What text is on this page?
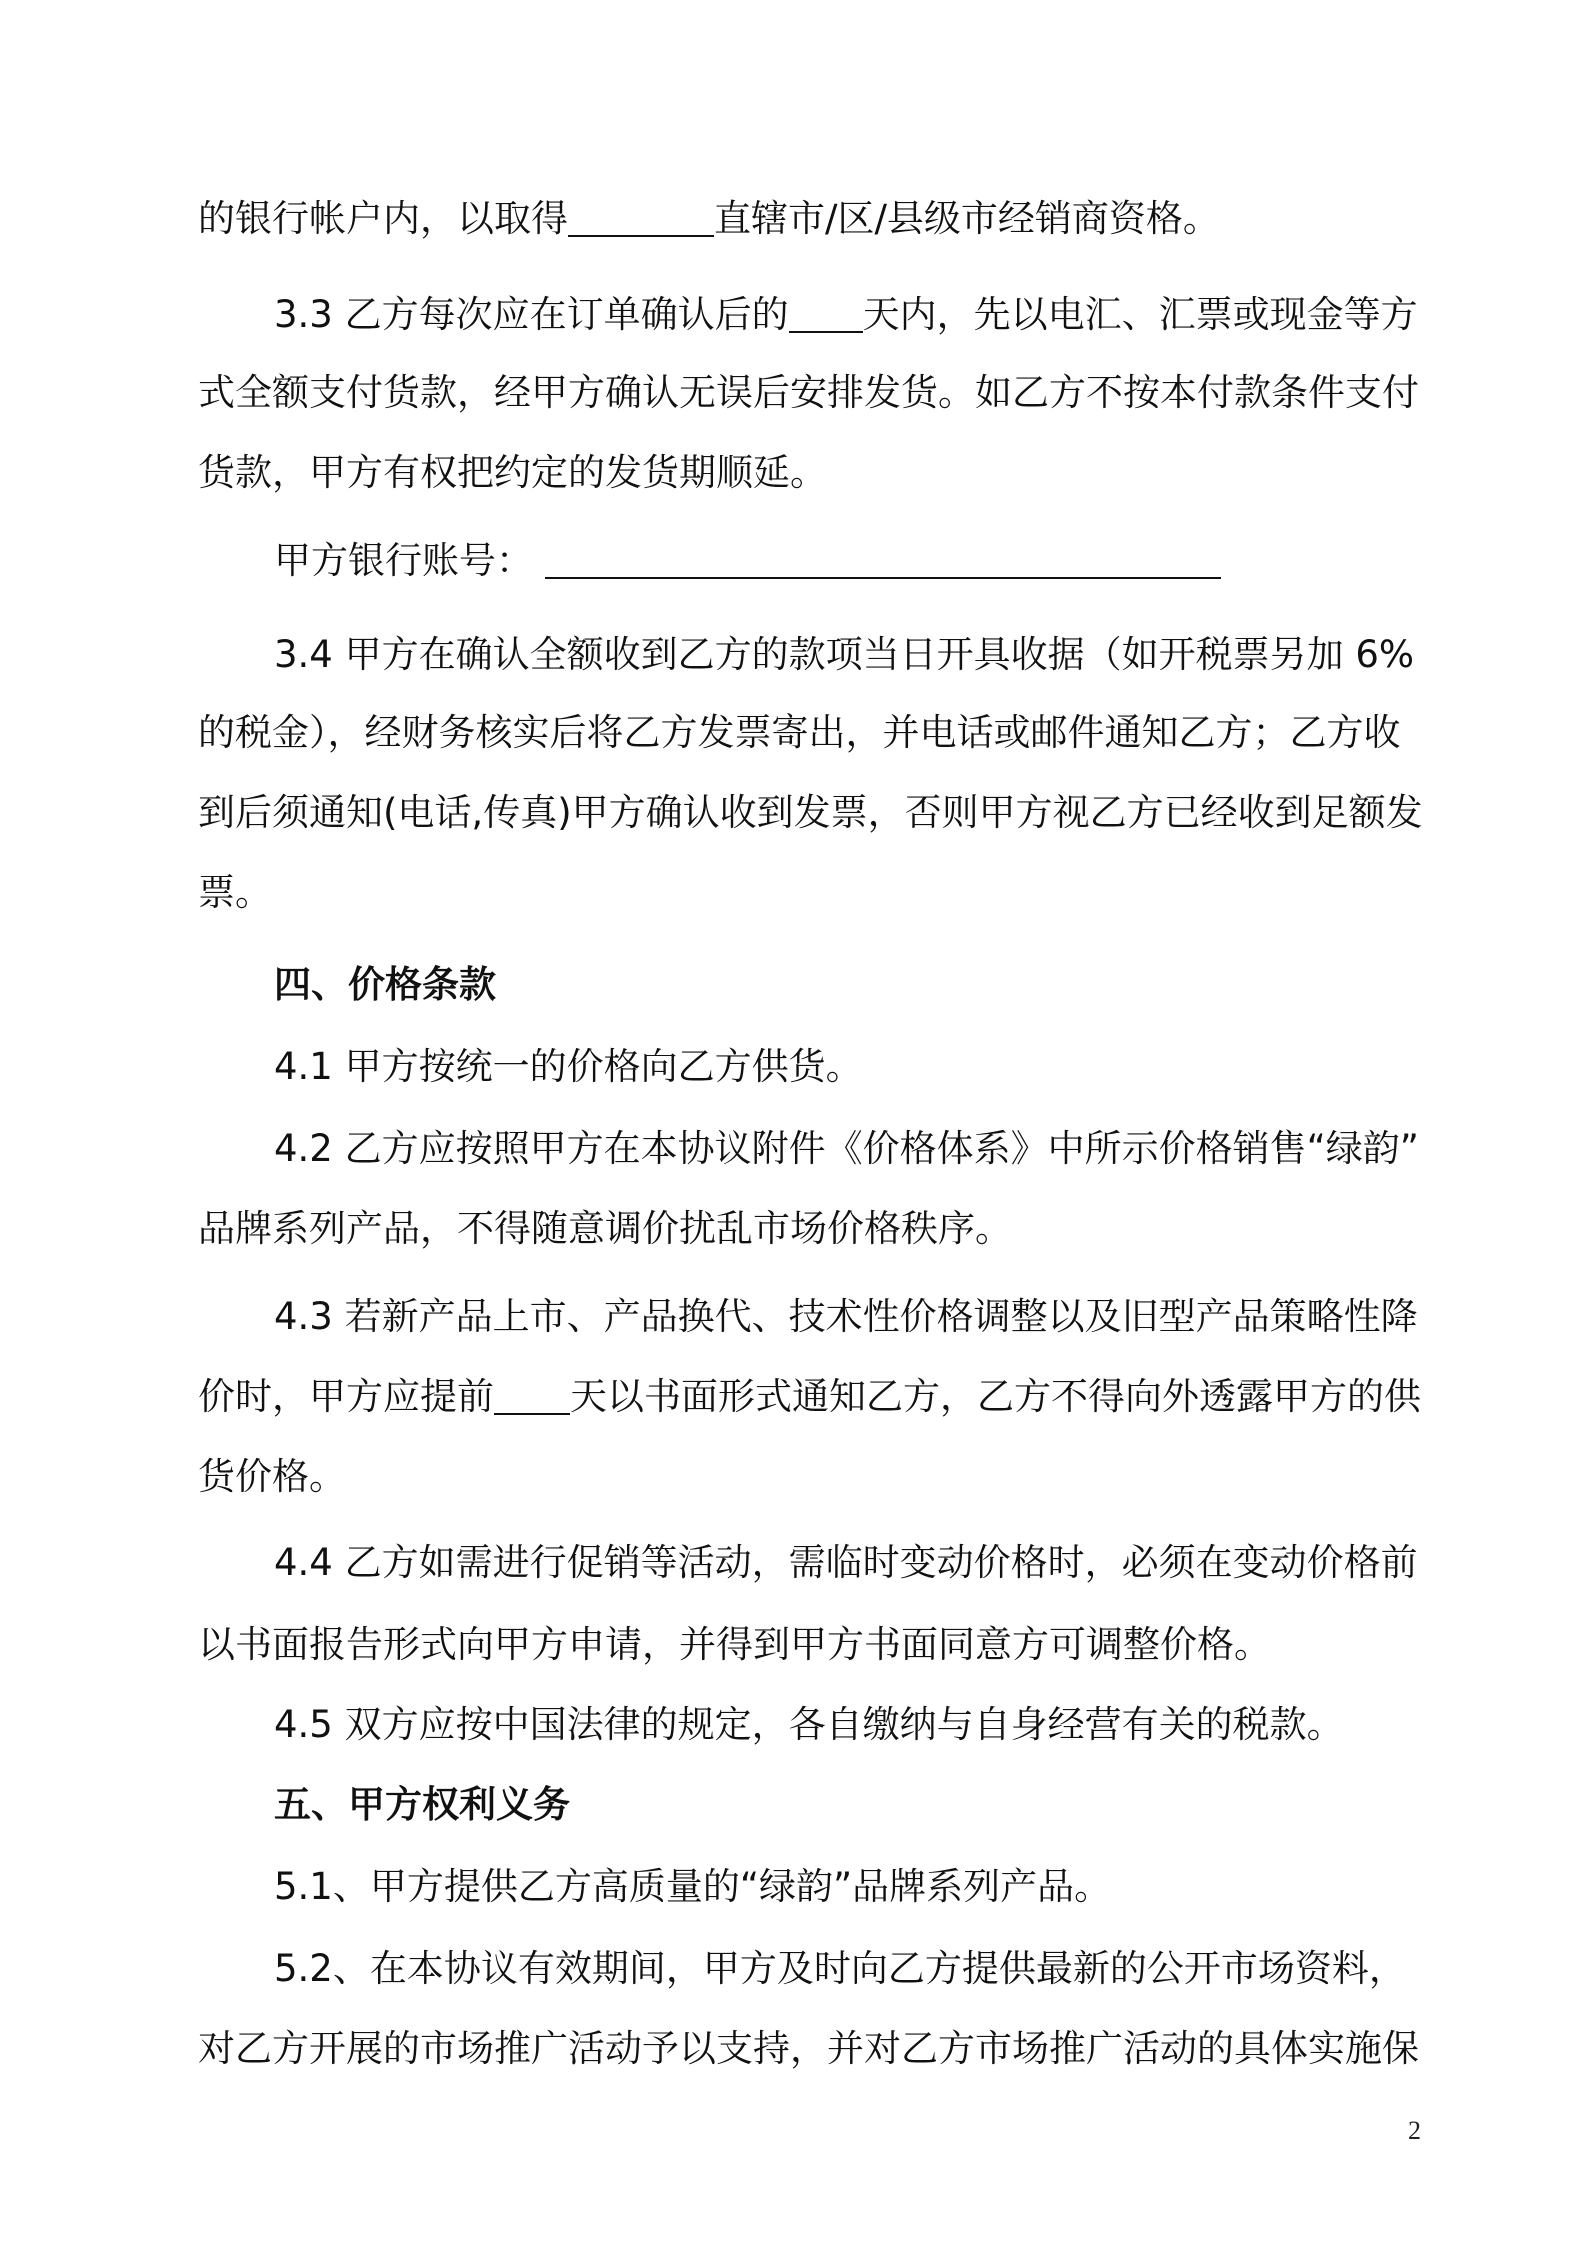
的银行帐户内，以取得	直辖市/区/县级市经销商资格。

3.3 乙方每次应在订单确认后的 天内，先以电汇、汇票或现金等方

式全额支付货款，经甲方确认无误后安排发货。如乙方不按本付款条件支付

货款，甲方有权把约定的发货期顺延。

甲方银行账号：

3.4 甲方在确认全额收到乙方的款项当日开具收据（如开税票另加 6%

的税金），经财务核实后将乙方发票寄出，并电话或邮件通知乙方；乙方收

到后须通知(电话,传真)甲方确认收到发票，否则甲方视乙方已经收到足额发

票。

四、价格条款

4.1 甲方按统一的价格向乙方供货。

4.2 乙方应按照甲方在本协议附件《价格体系》中所示价格销售“绿韵”

品牌系列产品，不得随意调价扰乱市场价格秩序。

4.3 若新产品上市、产品换代、技术性价格调整以及旧型产品策略性降

价时，甲方应提前 天以书面形式通知乙方，乙方不得向外透露甲方的供

货价格。

4.4 乙方如需进行促销等活动，需临时变动价格时，必须在变动价格前

以书面报告形式向甲方申请，并得到甲方书面同意方可调整价格。

4.5 双方应按中国法律的规定，各自缴纳与自身经营有关的税款。

五、甲方权利义务

5.1、甲方提供乙方高质量的“绿韵”品牌系列产品。

5.2、在本协议有效期间，甲方及时向乙方提供最新的公开市场资料，

对乙方开展的市场推广活动予以支持，并对乙方市场推广活动的具体实施保

2
